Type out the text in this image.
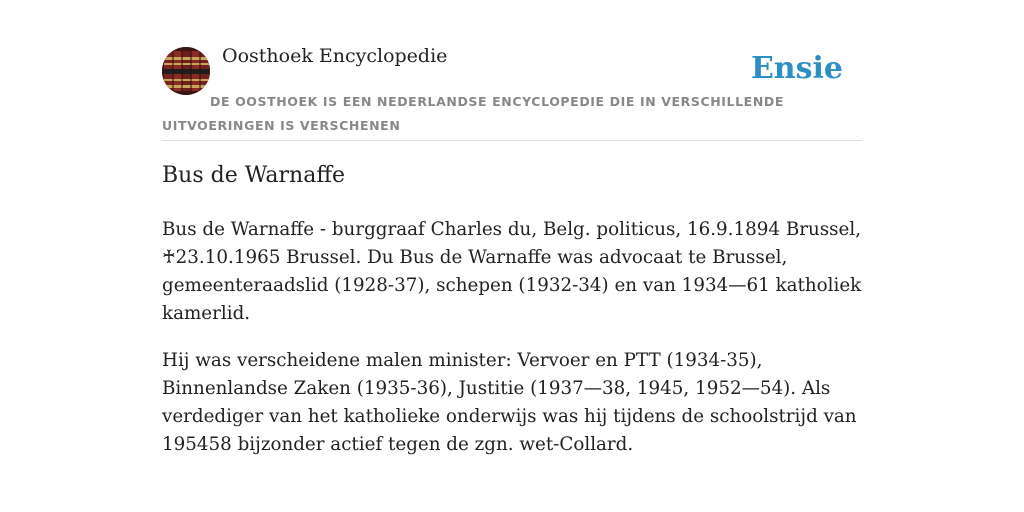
Oosthoek Encyclopedie	Ensie
DE OOSTHOEK IS EEN NEDERLANDSE ENCYCLOPEDIE DIE IN VERSCHILLENDE UITVOERINGEN IS VERSCHENEN
Bus de Warnaffe

Bus de Warnaffe - burggraaf Charles du, Belg. politicus, 16.9.1894 Brussel, ♰23.10.1965 Brussel. Du Bus de Warnaffe was advocaat te Brussel, gemeenteraadslid (1928-37), schepen (1932-34) en van 1934—61 katholiek kamerlid.

Hij was verscheidene malen minister: Vervoer en PTT (1934-35), Binnenlandse Zaken (1935-36), Justitie (1937—38, 1945, 1952—54). Als verdediger van het katholieke onderwijs was hij tijdens de schoolstrijd van 195458 bijzonder actief tegen de zgn. wet-Collard.
